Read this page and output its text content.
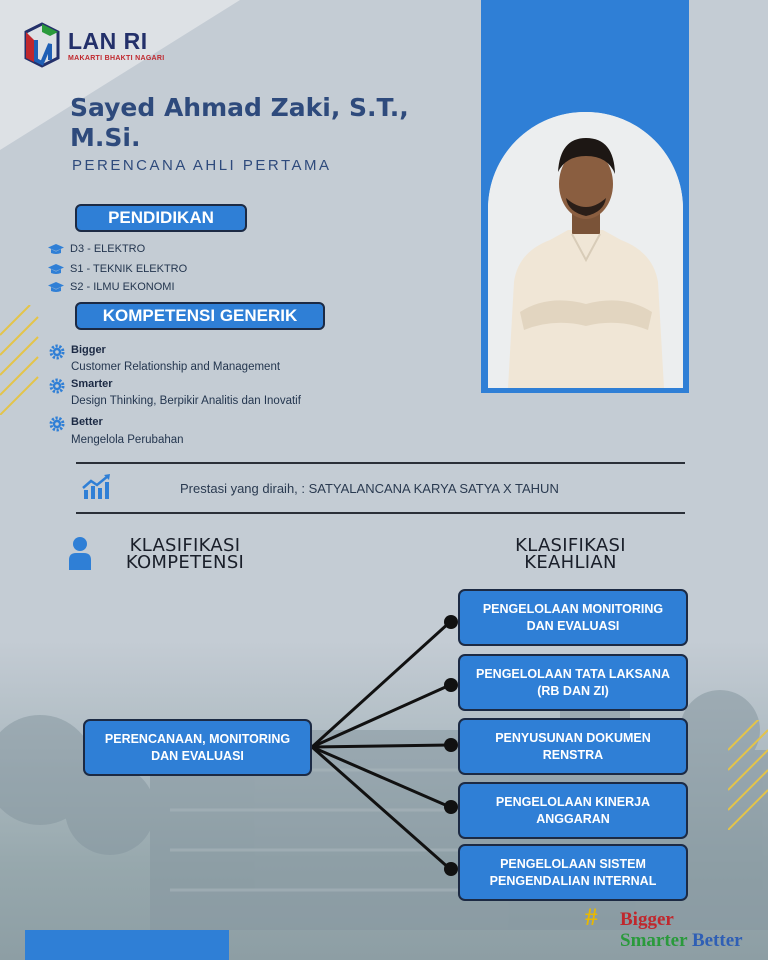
LAN RI
MAKARTI BHAKTI NAGARI
Sayed Ahmad Zaki, S.T., M.Si.
PERENCANA AHLI PERTAMA
PENDIDIKAN
D3 - ELEKTRO
S1 - TEKNIK ELEKTRO
S2 - ILMU EKONOMI
KOMPETENSI GENERIK
Bigger
Customer Relationship and Management
Smarter
Design Thinking, Berpikir Analitis dan Inovatif
Better
Mengelola Perubahan
Prestasi yang diraih, : SATYALANCANA KARYA SATYA X TAHUN
KLASIFIKASI
KOMPETENSI
KLASIFIKASI
KEAHLIAN
PERENCANAAN, MONITORING
DAN EVALUASI
PENGELOLAAN MONITORING
DAN EVALUASI
PENGELOLAAN TATA LAKSANA
(RB DAN ZI)
PENYUSUNAN DOKUMEN
RENSTRA
PENGELOLAAN KINERJA
ANGGARAN
PENGELOLAAN SISTEM
PENGENDALIAN INTERNAL
# Bigger
Smarter Better
